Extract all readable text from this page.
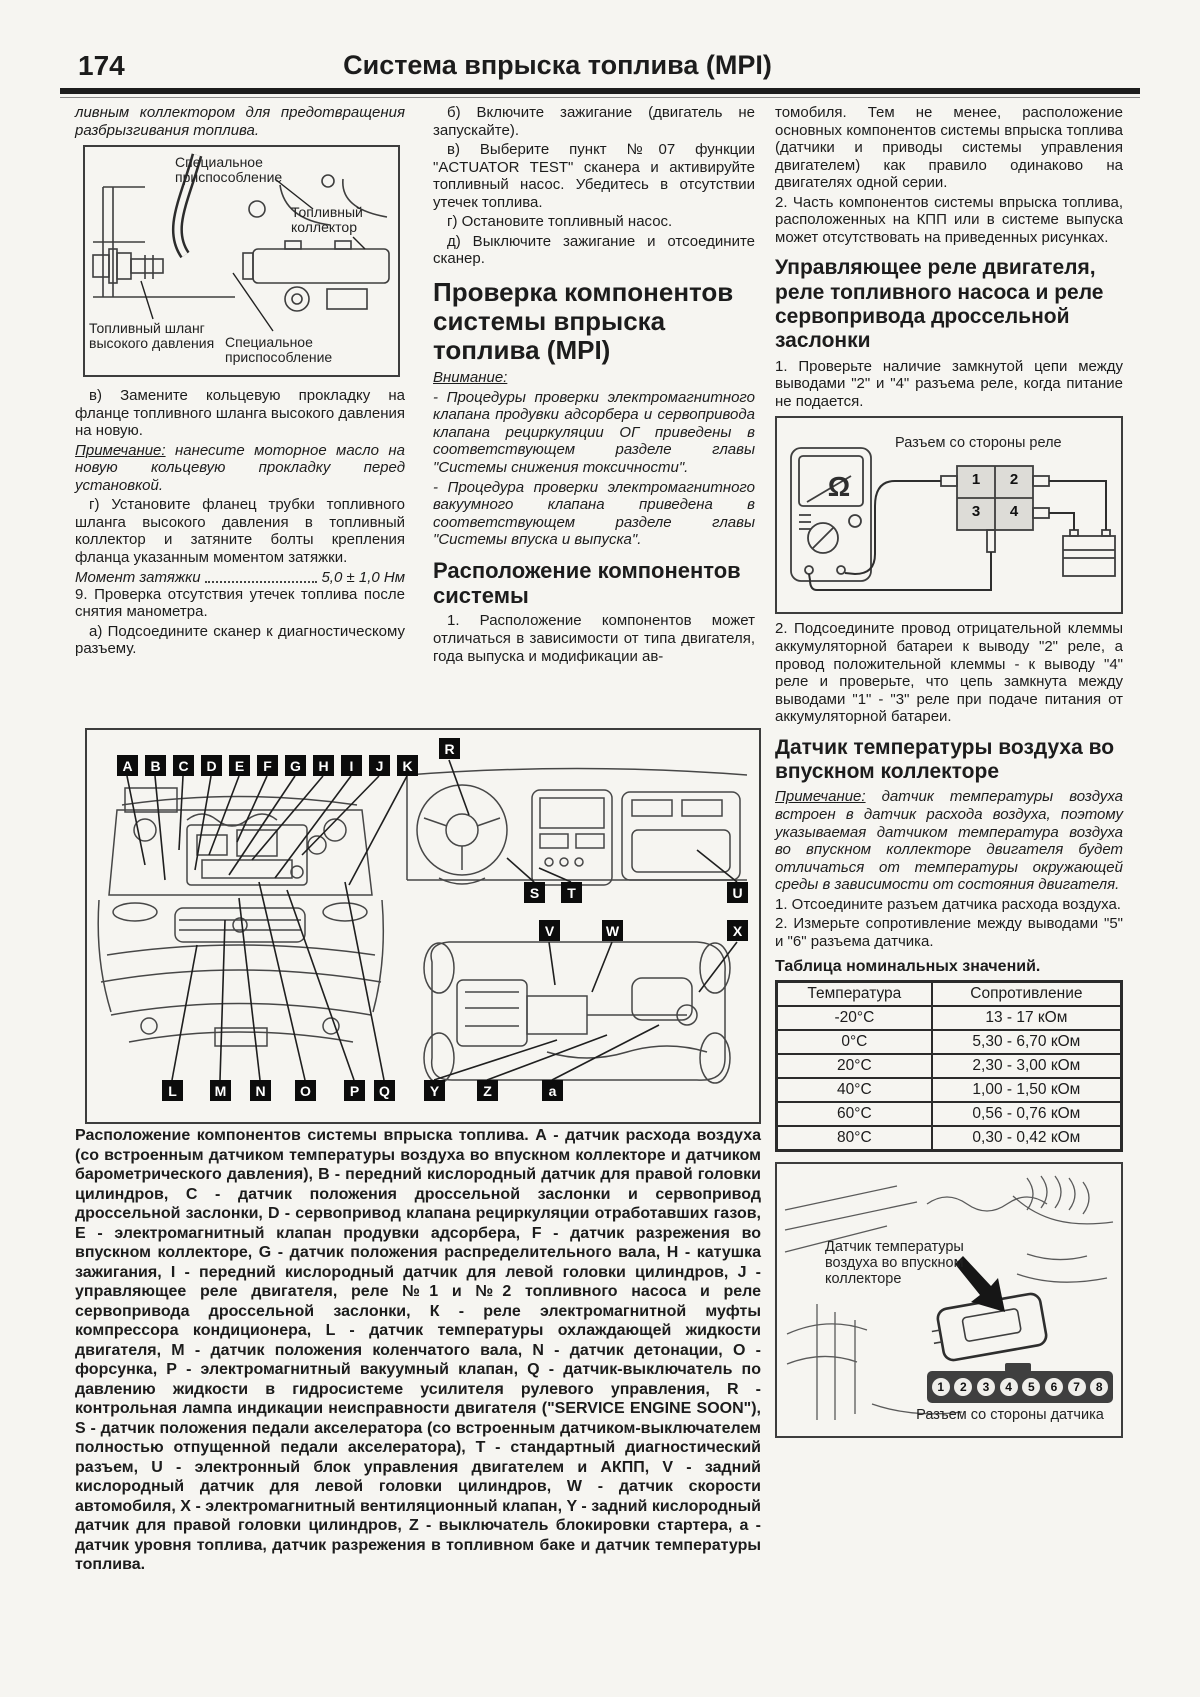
174	Система впрыска топлива (MPI)

ливным коллектором для предотвращения разбрызгивания топлива.

Специальное приспособление
Топливный коллектор
Топливный шланг высокого давления Специальное приспособление

в) Замените кольцевую прокладку на фланце топливного шланга высокого давления на новую.

Примечание: нанесите моторное масло на новую кольцевую прокладку перед установкой.

г) Установите фланец трубки топливного шланга высокого давления в топливный коллектор и затяните болты крепления фланца указанным моментом затяжки.

Момент затяжки	5,0 ± 1,0 Нм

9. Проверка отсутствия утечек топлива после снятия манометра.

а) Подсоедините сканер к диагностическому разъему.

б) Включите зажигание (двигатель не запускайте).

в) Выберите пункт №07 функции "ACTUATOR TEST" сканера и активируйте топливный насос. Убедитесь в отсутствии утечек топлива.

г) Остановите топливный насос.

д) Выключите зажигание и отсоедините сканер.

Проверка компонентов системы впрыска топлива (MPI)

Внимание:

- Процедуры проверки электромагнитного клапана продувки адсорбера и сервопривода клапана рециркуляции ОГ приведены в соответствующем разделе главы "Системы снижения токсичности".

- Процедура проверки электромагнитного вакуумного клапана приведена в соответствующем разделе главы "Системы впуска и выпуска".

Расположение компонентов системы

1. Расположение компонентов может отличаться в зависимости от типа двигателя, года выпуска и модификации ав-

томобиля. Тем не менее, расположение основных компонентов системы впрыска топлива (датчики и приводы системы управления двигателем) как правило одинаково на двигателях одной серии.

2. Часть компонентов системы впрыска топлива, расположенных на КПП или в системе выпуска может отсутствовать на приведенных рисунках.

Управляющее реле двигателя, реле топливного насоса и реле сервопривода дроссельной заслонки

1. Проверьте наличие замкнутой цепи между выводами "2" и "4" разъема реле, когда питание не подается.

Ω
Разъем со стороны реле
1	2
3	4

2. Подсоедините провод отрицательной клеммы аккумуляторной батареи к выводу "2" реле, а провод положительной клеммы - к выводу "4" реле и проверьте, что цепь замкнута между выводами "1" - "3" реле при подаче питания от аккумуляторной батареи.

Датчик температуры воздуха во впускном коллекторе

Примечание: датчик температуры воздуха встроен в датчик расхода воздуха, поэтому указываемая датчиком температура воздуха во впускном коллекторе двигателя будет отличаться от температуры окружающей среды в зависимости от состояния двигателя.

1. Отсоедините разъем датчика расхода воздуха.

2. Измерьте сопротивление между выводами "5" и "6" разъема датчика.

Таблица номинальных значений.
Температура	Сопротивление
-20°C	13 - 17 кОм
0°C	5,30 - 6,70 кОм
20°C	2,30 - 3,00 кОм
40°C	1,00 - 1,50 кОм
60°C	0,56 - 0,76 кОм
80°C	0,30 - 0,42 кОм
Датчик температуры воздуха во впускном коллекторе
1	2	3	4	5	6	7	8
Разъем со стороны датчика
A	B	C	D	E	F	G	H	I	J	K
R
S	T	U
V	W	X
L	M	N	O	P	Q	Y	Z	a
Расположение компонентов системы впрыска топлива. А - датчик расхода воздуха (со встроенным датчиком температуры воздуха во впускном коллекторе и датчиком барометрического давления), В - передний кислородный датчик для правой головки цилиндров, С - датчик положения дроссельной заслонки и сервопривод дроссельной заслонки, D - сервопривод клапана рециркуляции отработавших газов, Е - электромагнитный клапан продувки адсорбера, F - датчик разрежения во впускном коллекторе, G - датчик положения распределительного вала, Н - катушка зажигания, I - передний кислородный датчик для левой головки цилиндров, J - управляющее реле двигателя, реле №1 и №2 топливного насоса и реле сервопривода дроссельной заслонки, К - реле электромагнитной муфты компрессора кондиционера, L - датчик температуры охлаждающей жидкости двигателя, М - датчик положения коленчатого вала, N - датчик детонации, О - форсунка, Р - электромагнитный вакуумный клапан, Q - датчик-выключатель по давлению жидкости в гидросистеме усилителя рулевого управления, R - контрольная лампа индикации неисправности двигателя ("SERVICE ENGINE SOON"), S - датчик положения педали акселератора (со встроенным датчиком-выключателем полностью отпущенной педали акселератора), Т - стандартный диагностический разъем, U - электронный блок управления двигателем и АКПП, V - задний кислородный датчик для левой головки цилиндров, W - датчик скорости автомобиля, X - электромагнитный вентиляционный клапан, Y - задний кислородный датчик для правой головки цилиндров, Z - выключатель блокировки стартера, а - датчик уровня топлива, датчик разрежения в топливном баке и датчик температуры топлива.
